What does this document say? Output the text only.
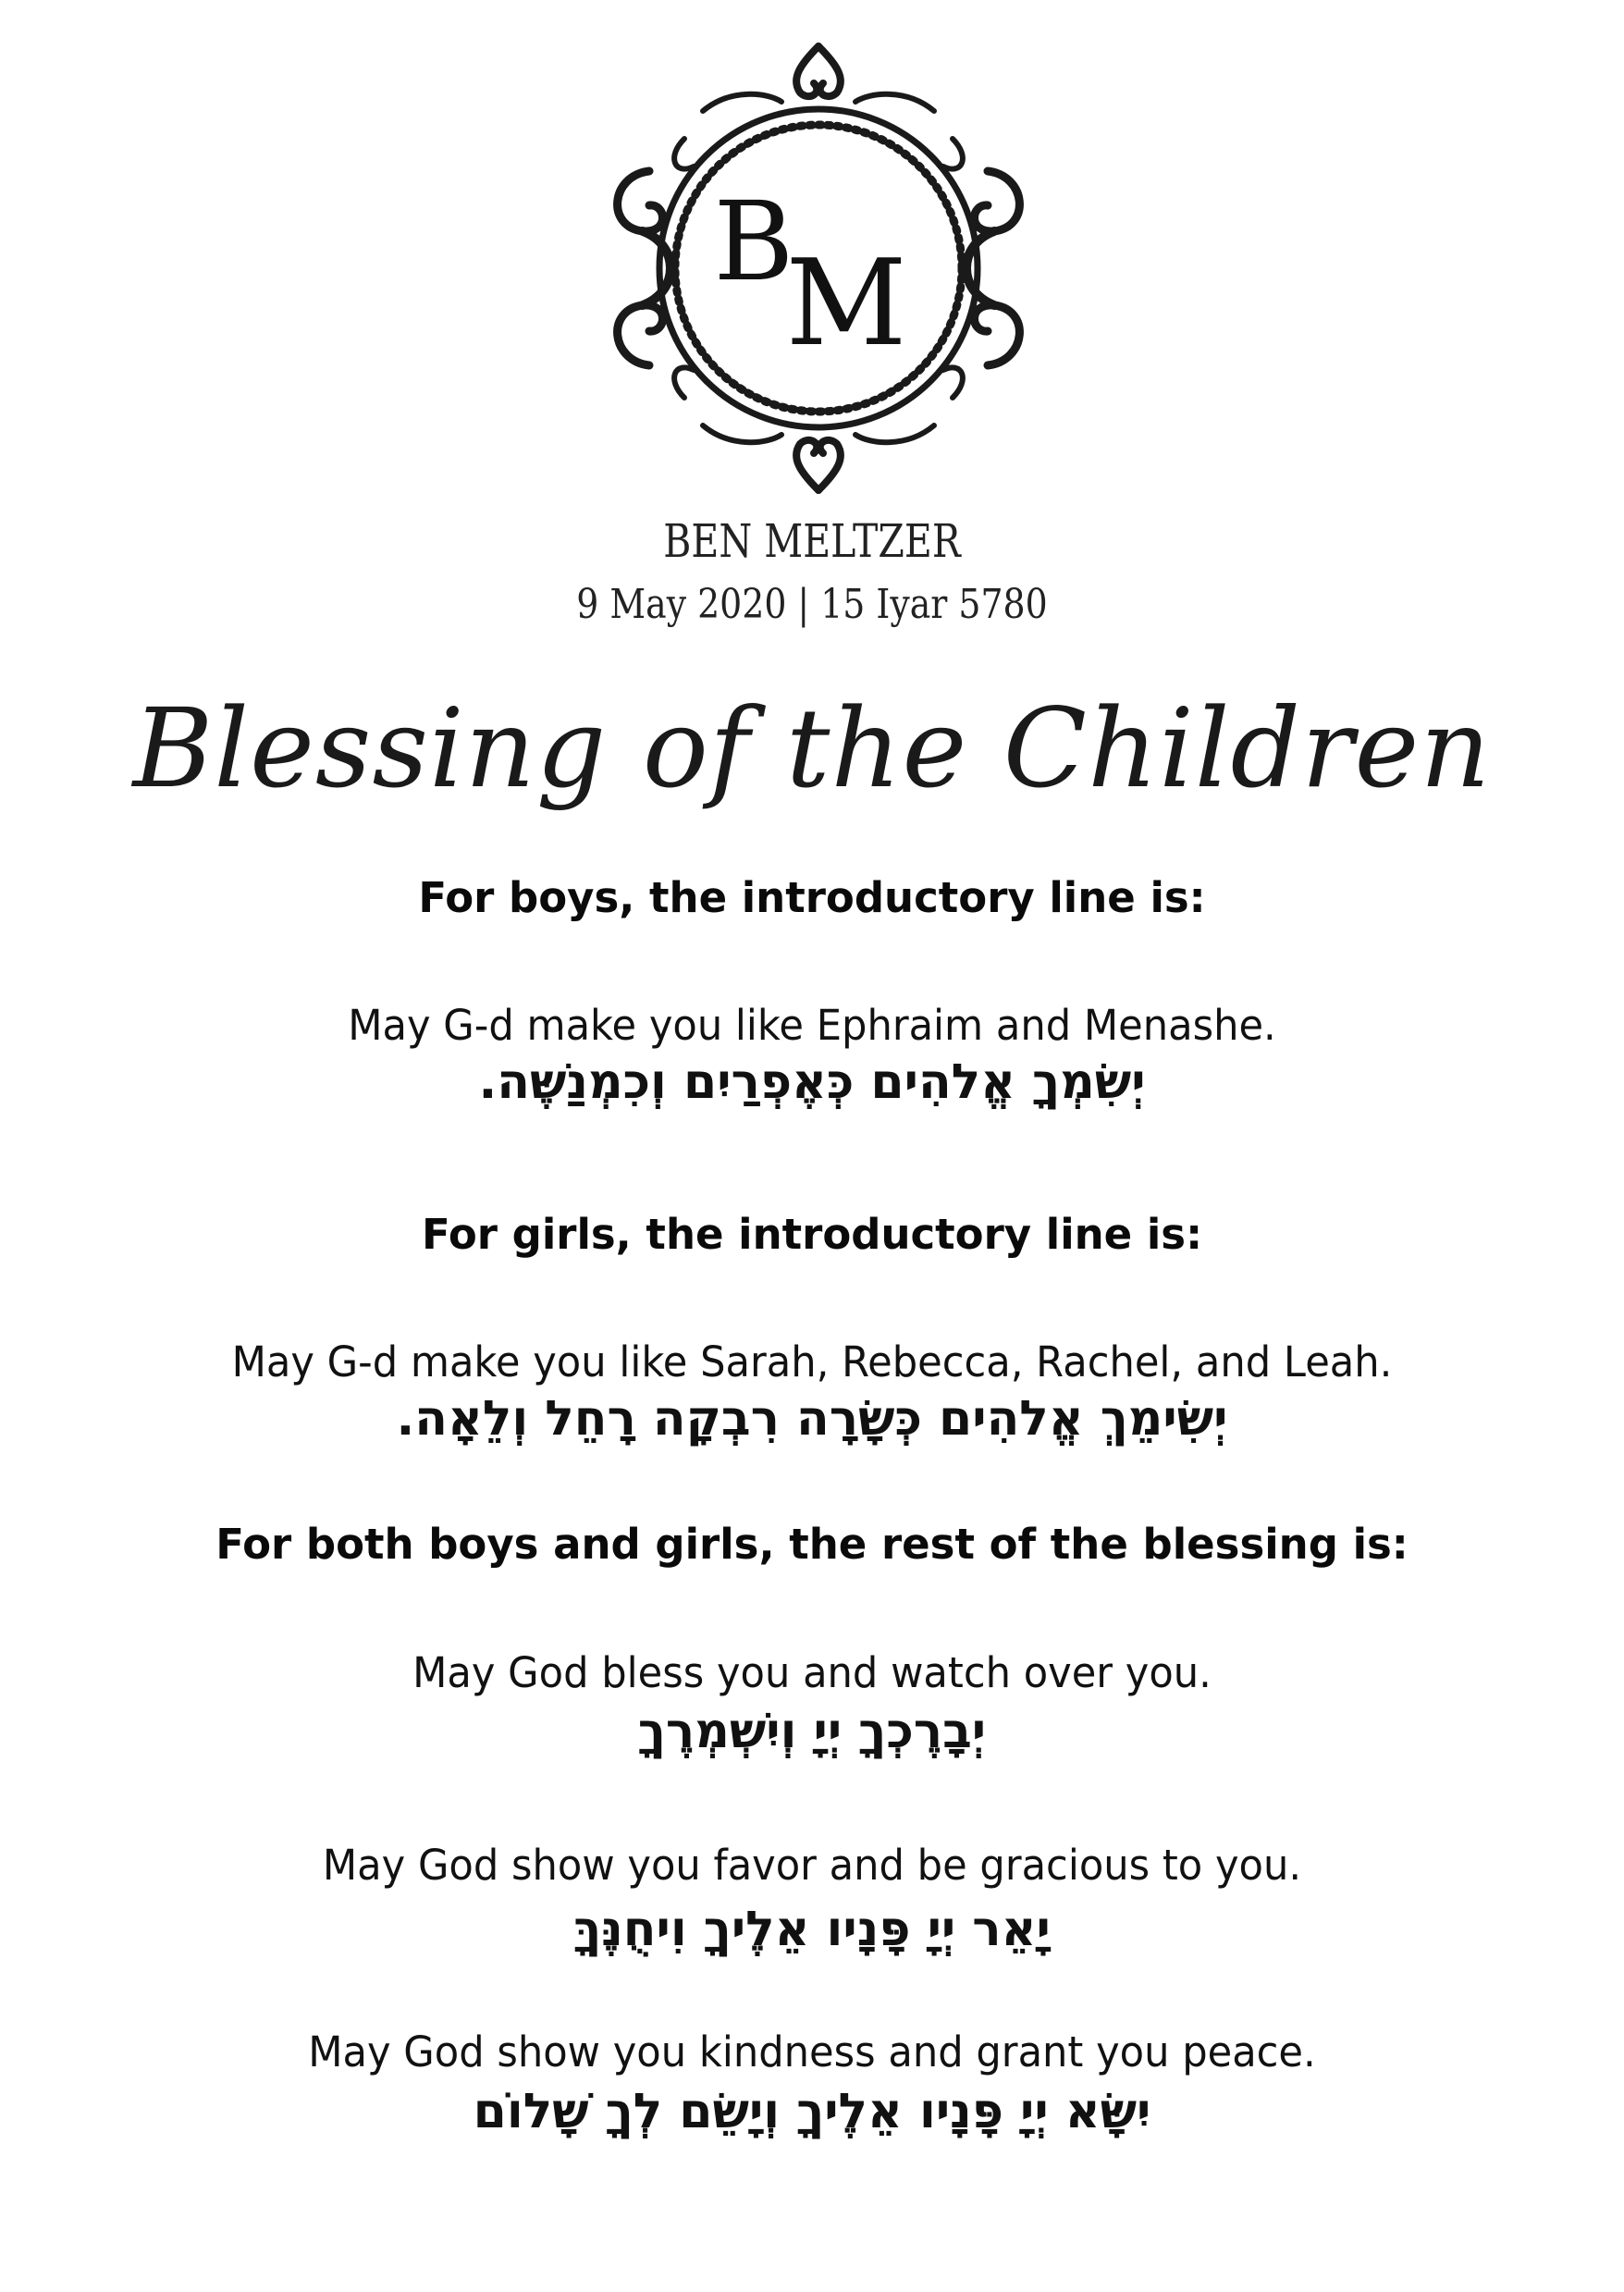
B
M
BEN MELTZER
9 May 2020 | 15 Iyar 5780
Blessing of the Children
For boys, the introductory line is:
May G-d make you like Ephraim and Menashe.
יְשִׂמְךָ אֱלהִים כְּאֶפְרַיִם וְכִמְנַשֶּׁה.
For girls, the introductory line is:
May G-d make you like Sarah, Rebecca, Rachel, and Leah.
יְשִׂימֵךְ אֱלהִים כְּשָׂרָה רִבְקָה רָחֵל וְלֵאָה.
For both boys and girls, the rest of the blessing is:
May God bless you and watch over you.
יְבָרֶכְךָ יְיָ וְיִשְׁמְרֶךָ
May God show you favor and be gracious to you.
יָאֵר יְיָ פָּנָיו אֵלֶיךָ וִיחֻנֶּךָּ
May God show you kindness and grant you peace.
יִשָּׂא יְיָ פָּנָיו אֵלֶיךָ וְיָשֵׂם לְךָ שָׁלוֹם
